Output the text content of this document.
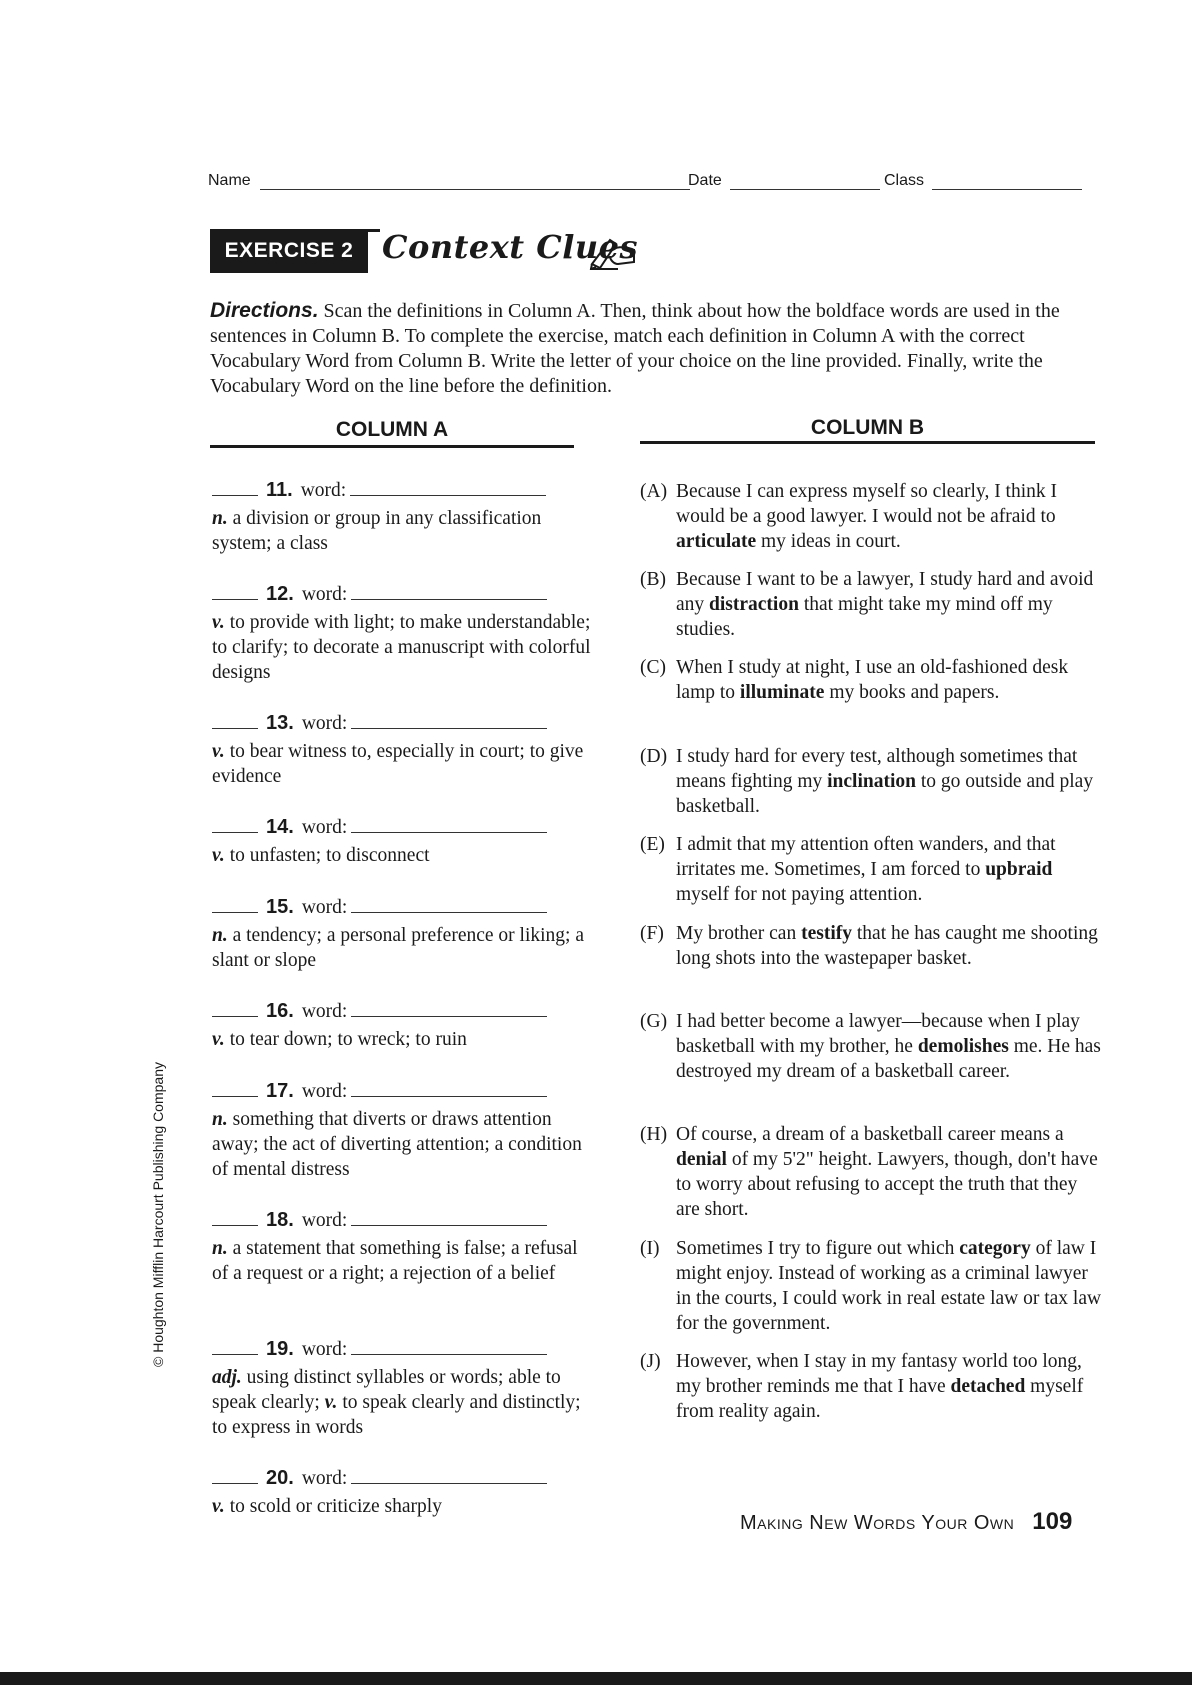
Name	Date	Class
EXERCISE 2 Context Clues
Directions. Scan the definitions in Column A. Then, think about how the boldface words are used in the sentences in Column B. To complete the exercise, match each definition in Column A with the correct Vocabulary Word from Column B. Write the letter of your choice on the line provided. Finally, write the Vocabulary Word on the line before the definition.
COLUMN A	COLUMN B
11. word:
n. a division or group in any classification system; a class
12. word:
v. to provide with light; to make understandable; to clarify; to decorate a manuscript with colorful designs
13. word:
v. to bear witness to, especially in court; to give evidence
14. word:
v. to unfasten; to disconnect
15. word:
n. a tendency; a personal preference or liking; a slant or slope
16. word:
v. to tear down; to wreck; to ruin
17. word:
n. something that diverts or draws attention away; the act of diverting attention; a condition of mental distress
18. word:
n. a statement that something is false; a refusal of a request or a right; a rejection of a belief
19. word:
adj. using distinct syllables or words; able to speak clearly; v. to speak clearly and distinctly; to express in words
20. word:
v. to scold or criticize sharply
(A) Because I can express myself so clearly, I think I would be a good lawyer. I would not be afraid to articulate my ideas in court.
(B) Because I want to be a lawyer, I study hard and avoid any distraction that might take my mind off my studies.
(C) When I study at night, I use an old-fashioned desk lamp to illuminate my books and papers.
(D) I study hard for every test, although sometimes that means fighting my inclination to go outside and play basketball.
(E) I admit that my attention often wanders, and that irritates me. Sometimes, I am forced to upbraid myself for not paying attention.
(F) My brother can testify that he has caught me shooting long shots into the wastepaper basket.
(G) I had better become a lawyer—because when I play basketball with my brother, he demolishes me. He has destroyed my dream of a basketball career.
(H) Of course, a dream of a basketball career means a denial of my 5'2" height. Lawyers, though, don't have to worry about refusing to accept the truth that they are short.
(I) Sometimes I try to figure out which category of law I might enjoy. Instead of working as a criminal lawyer in the courts, I could work in real estate law or tax law for the government.
(J) However, when I stay in my fantasy world too long, my brother reminds me that I have detached myself from reality again.
© Houghton Mifflin Harcourt Publishing Company
Making New Words Your Own 109
